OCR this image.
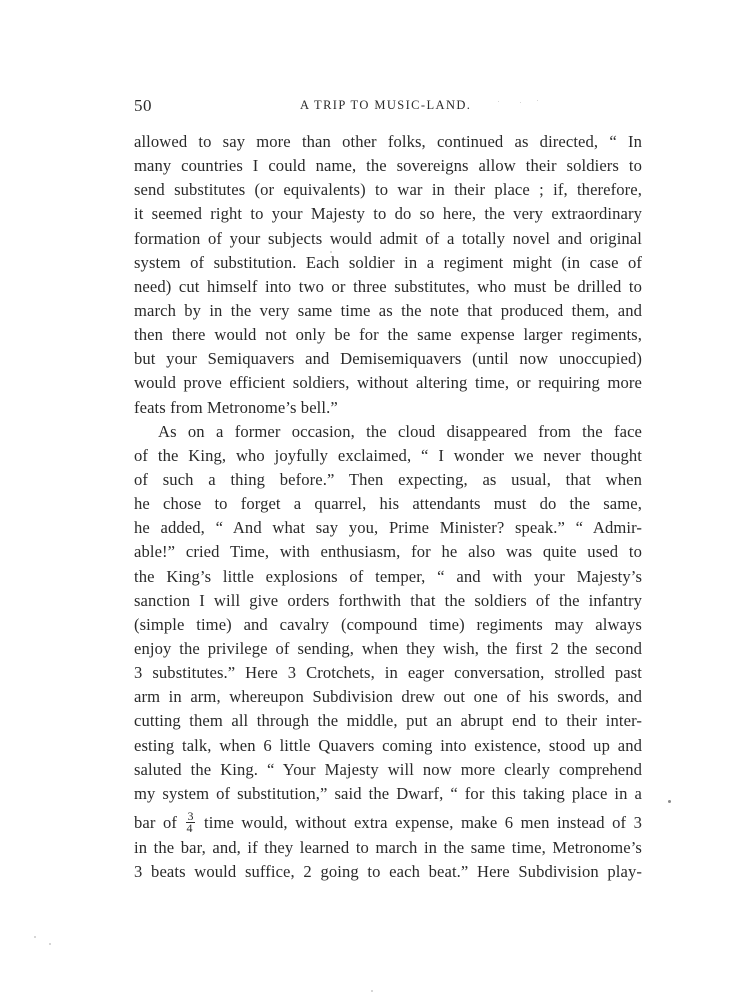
50	A TRIP TO MUSIC-LAND.
allowed to say more than other folks, continued as directed, “ In
many countries I could name, the sovereigns allow their soldiers to
send substitutes (or equivalents) to war in their place ; if, therefore,
it seemed right to your Majesty to do so here, the very extraordinary
formation of your subjects would admit of a totally novel and original
system of substitution. Each soldier in a regiment might (in case of
need) cut himself into two or three substitutes, who must be drilled to
march by in the very same time as the note that produced them, and
then there would not only be for the same expense larger regiments,
but your Semiquavers and Demisemiquavers (until now unoccupied)
would prove efficient soldiers, without altering time, or requiring more
feats from Metronome’s bell.”
As on a former occasion, the cloud disappeared from the face
of the King, who joyfully exclaimed, “ I wonder we never thought
of such a thing before.” Then expecting, as usual, that when
he chose to forget a quarrel, his attendants must do the same,
he added, “ And what say you, Prime Minister? speak.” “ Admir-
able!” cried Time, with enthusiasm, for he also was quite used to
the King’s little explosions of temper, “ and with your Majesty’s
sanction I will give orders forthwith that the soldiers of the infantry
(simple time) and cavalry (compound time) regiments may always
enjoy the privilege of sending, when they wish, the first 2 the second
3 substitutes.” Here 3 Crotchets, in eager conversation, strolled past
arm in arm, whereupon Subdivision drew out one of his swords, and
cutting them all through the middle, put an abrupt end to their inter-
esting talk, when 6 little Quavers coming into existence, stood up and
saluted the King. “ Your Majesty will now more clearly comprehend
my system of substitution,” said the Dwarf, “ for this taking place in a
bar of $\frac{3}{4}$ time would, without extra expense, make 6 men instead of 3
in the bar, and, if they learned to march in the same time, Metronome’s
3 beats would suffice, 2 going to each beat.” Here Subdivision play-
